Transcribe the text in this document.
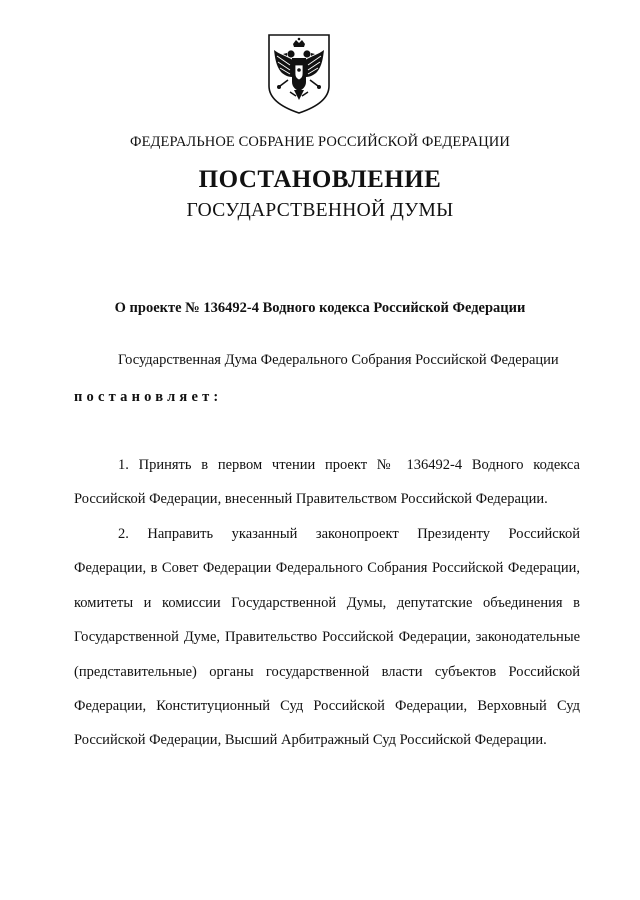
ФЕДЕРАЛЬНОЕ СОБРАНИЕ РОССИЙСКОЙ ФЕДЕРАЦИИ
ПОСТАНОВЛЕНИЕ
ГОСУДАРСТВЕННОЙ ДУМЫ
О проекте № 136492-4 Водного кодекса Российской Федерации
Государственная Дума Федерального Собрания Российской Федерации
постановляет:

1. Принять в первом чтении проект № 136492-4 Водного кодекса Российской Федерации, внесенный Правительством Российской Федерации.

2. Направить указанный законопроект Президенту Российской Федерации, в Совет Федерации Федерального Собрания Российской Федерации, комитеты и комиссии Государственной Думы, депутатские объединения в Государственной Думе, Правительство Российской Федерации, законодательные (представительные) органы государственной власти субъектов Российской Федерации, Конституционный Суд Российской Федерации, Верховный Суд Российской Федерации, Высший Арбитражный Суд Российской Федерации.
